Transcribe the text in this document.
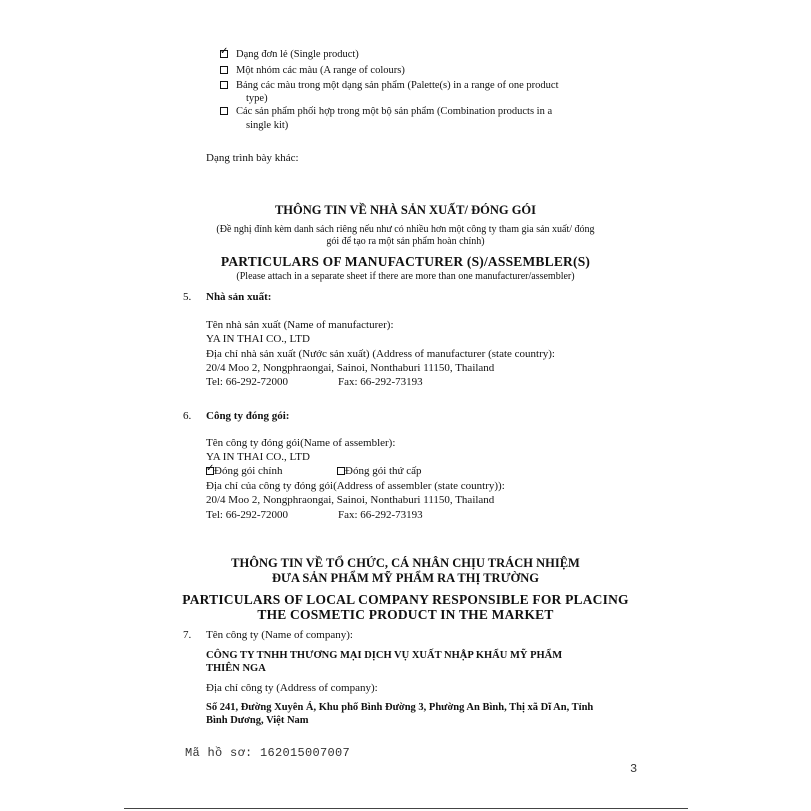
✓Dạng đơn lẻ (Single product)
Một nhóm các màu (A range of colours)
Bảng các màu trong một dạng sản phẩm (Palette(s) in a range of one product
type)
Các sản phẩm phối hợp trong một bộ sản phẩm (Combination products in a
single kit)
Dạng trình bày khác:
THÔNG TIN VỀ NHÀ SẢN XUẤT/ ĐÓNG GÓI
(Đề nghị đính kèm danh sách riêng nếu như có nhiều hơn một công ty tham gia sản xuất/ đóng
gói để tạo ra một sản phẩm hoàn chỉnh)
PARTICULARS OF MANUFACTURER (S)/ASSEMBLER(S)
(Please attach in a separate sheet if there are more than one manufacturer/assembler)
5. Nhà sản xuất:
Tên nhà sản xuất (Name of manufacturer):
YA IN THAI CO., LTD
Địa chỉ nhà sản xuất (Nước sản xuất) (Address of manufacturer (state country):
20/4 Moo 2, Nongphraongai, Sainoi, Nonthaburi 11150, Thailand
Tel: 66-292-72000	Fax: 66-292-73193
6. Công ty đóng gói:
Tên công ty đóng gói(Name of assembler):
YA IN THAI CO., LTD
✓Đóng gói chính	Đóng gói thứ cấp
Địa chỉ của công ty đóng gói(Address of assembler (state country)):
20/4 Moo 2, Nongphraongai, Sainoi, Nonthaburi 11150, Thailand
Tel: 66-292-72000	Fax: 66-292-73193
THÔNG TIN VỀ TỔ CHỨC, CÁ NHÂN CHỊU TRÁCH NHIỆM
ĐƯA SẢN PHẨM MỸ PHẨM RA THỊ TRƯỜNG
PARTICULARS OF LOCAL COMPANY RESPONSIBLE FOR PLACING
THE COSMETIC PRODUCT IN THE MARKET
7. Tên công ty (Name of company):
CÔNG TY TNHH THƯƠNG MẠI DỊCH VỤ XUẤT NHẬP KHẨU MỸ PHẨM
THIÊN NGA
Địa chỉ công ty (Address of company):
Số 241, Đường Xuyên Á, Khu phố Bình Đường 3, Phường An Bình, Thị xã Dĩ An, Tỉnh
Bình Dương, Việt Nam
Mã hồ sơ: 162015007007
3
